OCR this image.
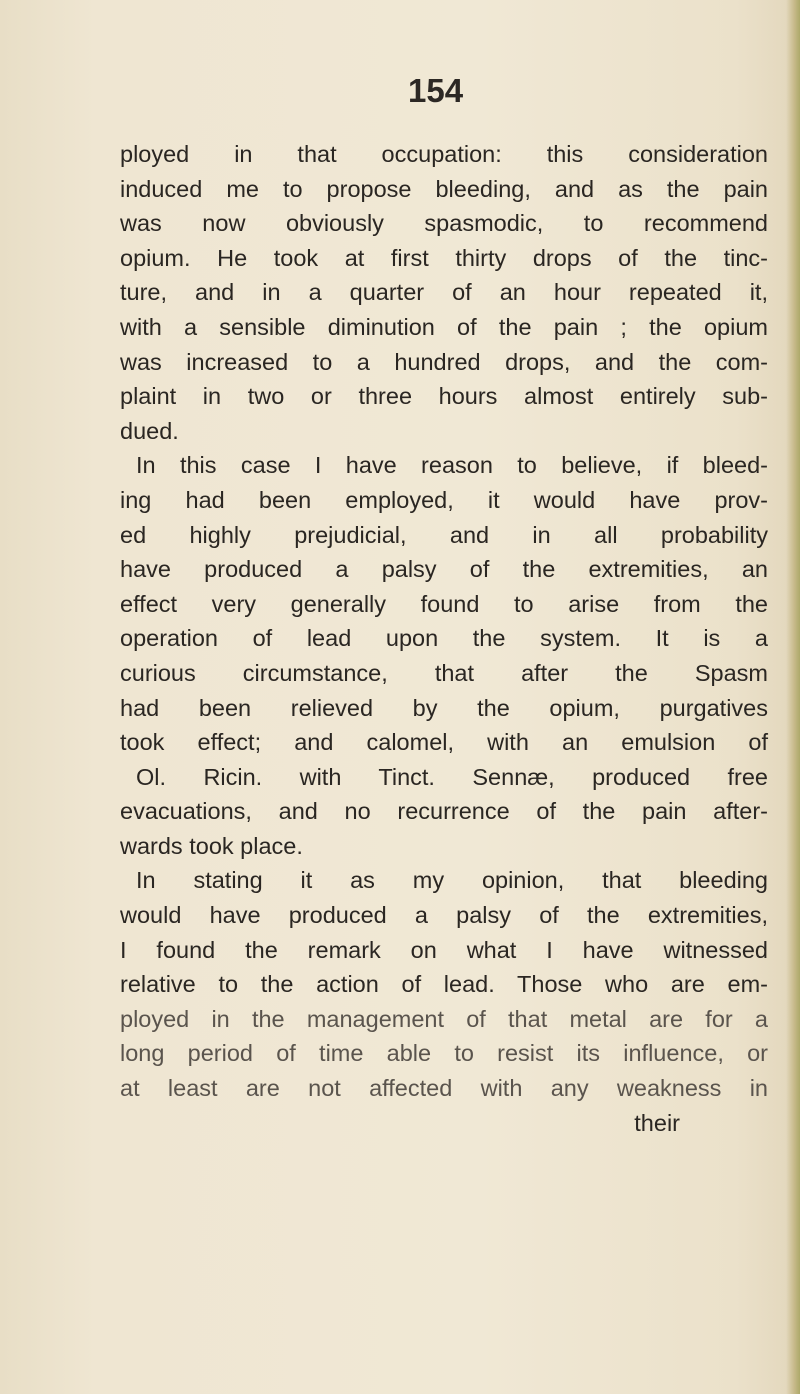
154
ployed in that occupation: this consideration
induced me to propose bleeding, and as the pain
was now obviously spasmodic, to recommend
opium. He took at first thirty drops of the tinc-
ture, and in a quarter of an hour repeated it,
with a sensible diminution of the pain ; the opium
was increased to a hundred drops, and the com-
plaint in two or three hours almost entirely sub-
dued.
In this case I have reason to believe, if bleed-
ing had been employed, it would have prov-
ed highly prejudicial, and in all probability
have produced a palsy of the extremities, an
effect very generally found to arise from the
operation of lead upon the system. It is a
curious circumstance, that after the Spasm
had been relieved by the opium, purgatives
took effect; and calomel, with an emulsion of
Ol. Ricin. with Tinct. Sennæ, produced free
evacuations, and no recurrence of the pain after-
wards took place.
In stating it as my opinion, that bleeding
would have produced a palsy of the extremities,
I found the remark on what I have witnessed
relative to the action of lead. Those who are em-
ployed in the management of that metal are for a
long period of time able to resist its influence, or
at least are not affected with any weakness in
their
